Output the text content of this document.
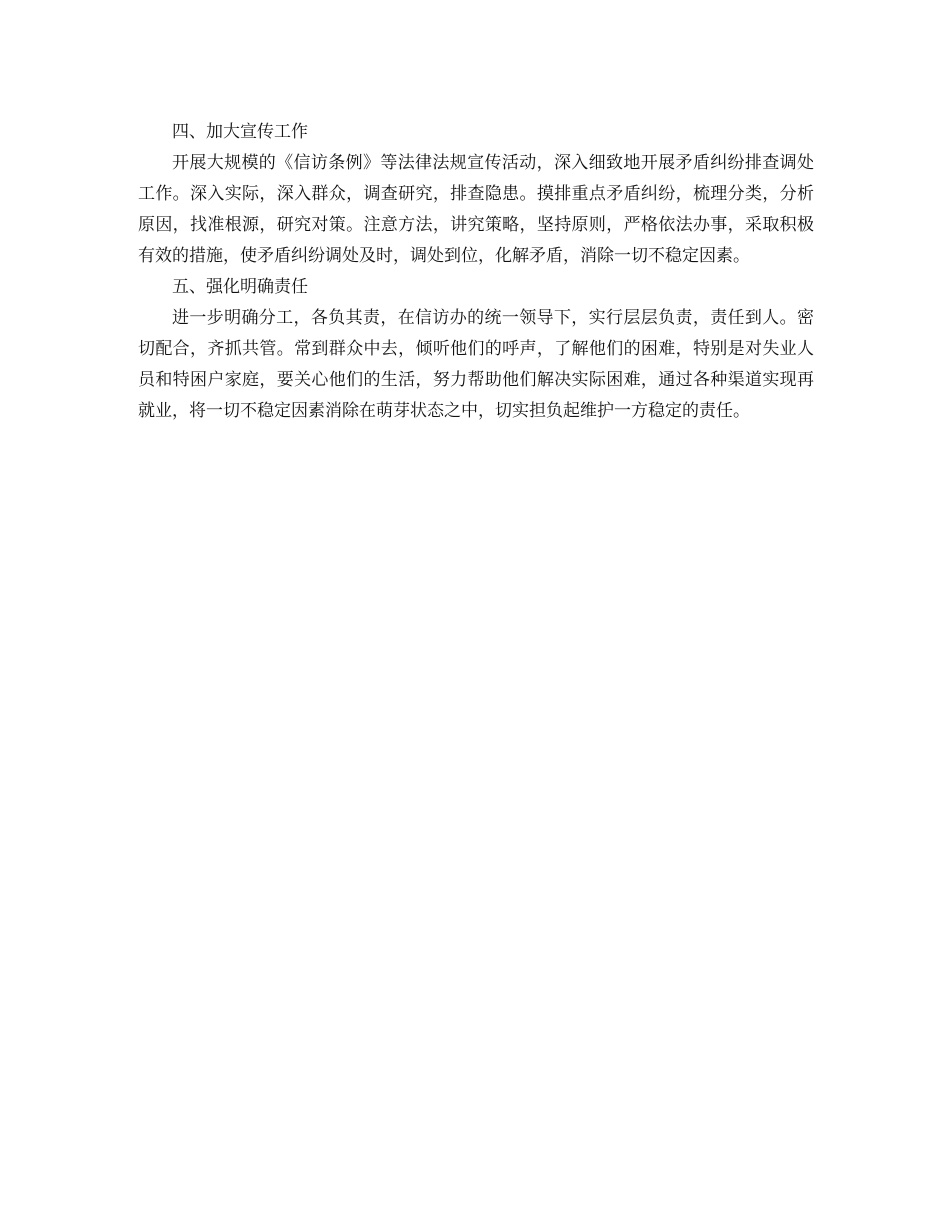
四、加大宣传工作

开展大规模的《信访条例》等法律法规宣传活动，深入细致地开展矛盾纠纷排查调处工作。深入实际，深入群众，调查研究，排查隐患。摸排重点矛盾纠纷，梳理分类，分析原因，找准根源，研究对策。注意方法，讲究策略，坚持原则，严格依法办事，采取积极有效的措施，使矛盾纠纷调处及时，调处到位，化解矛盾，消除一切不稳定因素。

五、强化明确责任

进一步明确分工，各负其责，在信访办的统一领导下，实行层层负责，责任到人。密切配合，齐抓共管。常到群众中去，倾听他们的呼声，了解他们的困难，特别是对失业人员和特困户家庭，要关心他们的生活，努力帮助他们解决实际困难，通过各种渠道实现再就业，将一切不稳定因素消除在萌芽状态之中，切实担负起维护一方稳定的责任。
